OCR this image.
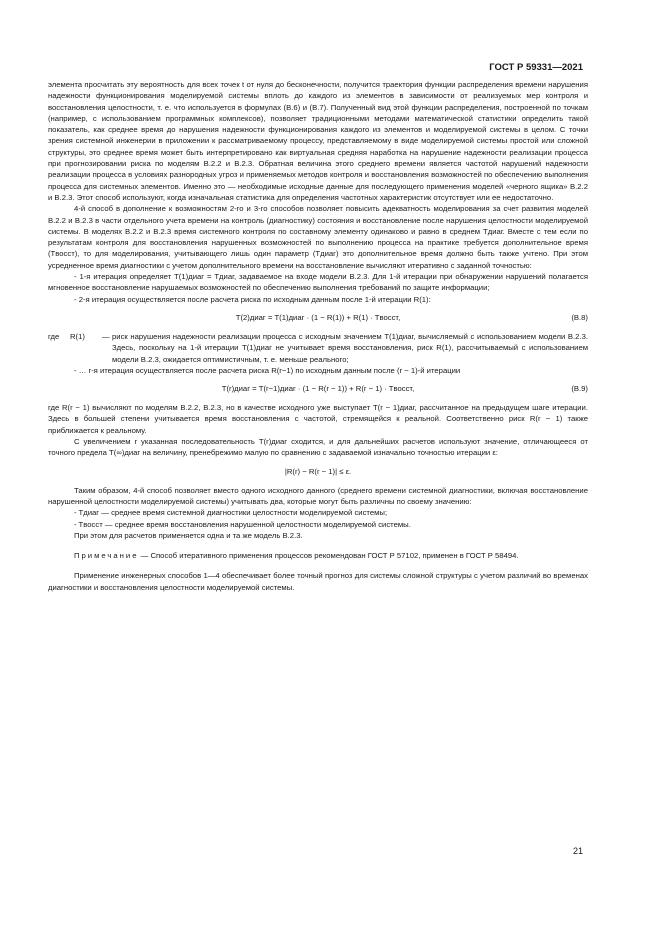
ГОСТ Р 59331—2021

элемента просчитать эту вероятность для всех точек t от нуля до бесконечности, получится траектория функции распределения времени нарушения надежности функционирования моделируемой системы вплоть до каждого из элементов в зависимости от реализуемых мер контроля и восстановления целостности, т. е. что используется в формулах (В.6) и (В.7). Полученный вид этой функции распределения, построенной по точкам (например, с использованием программных комплексов), позволяет традиционными методами математической статистики определить такой показатель, как среднее время до нарушения надежности функционирования каждого из элементов и моделируемой системы в целом. С точки зрения системной инженерии в приложении к рассматриваемому процессу, представляемому в виде моделируемой системы простой или сложной структуры, это среднее время может быть интерпретировано как виртуальная средняя наработка на нарушение надежности реализации процесса при прогнозировании риска по моделям В.2.2 и В.2.3. Обратная величина этого среднего времени является частотой нарушений надежности реализации процесса в условиях разнородных угроз и применяемых методов контроля и восстановления возможностей по обеспечению выполнения процесса для системных элементов. Именно это — необходимые исходные данные для последующего применения моделей «черного ящика» В.2.2 и В.2.3. Этот способ используют, когда изначальная статистика для определения частотных характеристик отсутствует или ее недостаточно.

4-й способ в дополнение к возможностям 2-го и 3-го способов позволяет повысить адекватность моделирования за счет развития моделей В.2.2 и В.2.3 в части отдельного учета времени на контроль (диагностику) состояния и восстановление после нарушения целостности моделируемой системы. В моделях В.2.2 и В.2.3 время системного контроля по составному элементу одинаково и равно в среднем Tдиаг. Вместе с тем если по результатам контроля для восстановления нарушенных возможностей по выполнению процесса на практике требуется дополнительное время (Tвосст), то для моделирования, учитывающего лишь один параметр (Tдиаг) это дополнительное время должно быть также учтено. При этом усредненное время диагностики с учетом дополнительного времени на восстановление вычисляют итеративно с заданной точностью:

- 1-я итерация определяет T(1)диаг = Tдиаг, задаваемое на входе модели В.2.3. Для 1-й итерации при обнаружении нарушений полагается мгновенное восстановление нарушаемых возможностей по обеспечению выполнения требований по защите информации;

- 2-я итерация осуществляется после расчета риска по исходным данным после 1-й итерации R(1):

T(2)диаг = T(1)диаг · (1 − R(1)) + R(1) · Tвосст,	(В.8)
где	R(1)	— риск нарушения надежности реализации процесса с исходным значением T(1)диаг, вычисляемый с использованием модели В.2.3. Здесь, поскольку на 1-й итерации T(1)диаг не учитывает время восстановления, риск R(1), рассчитываемый с использованием модели В.2.3, ожидается оптимистичным, т. е. меньше реального;

- … r-я итерация осуществляется после расчета риска R(r−1) по исходным данным после (r − 1)-й итерации

T(r)диаг = T(r−1)диаг · (1 − R(r − 1)) + R(r − 1) · Tвосст,	(В.9)

где R(r − 1) вычисляют по моделям В.2.2, В.2.3, но в качестве исходного уже выступает T(r − 1)диаг, рассчитанное на предыдущем шаге итерации. Здесь в большей степени учитывается время восстановления с частотой, стремящейся к реальной. Соответственно риск R(r − 1) также приближается к реальному.

С увеличением r указанная последовательность T(r)диаг сходится, и для дальнейших расчетов используют значение, отличающееся от точного предела T(∞)диаг на величину, пренебрежимо малую по сравнению с задаваемой изначально точностью итерации ε:

|R(r) − R(r − 1)| ≤ ε.

Таким образом, 4-й способ позволяет вместо одного исходного данного (среднего времени системной диагностики, включая восстановление нарушенной целостности моделируемой системы) учитывать два, которые могут быть различны по своему значению:

- Tдиаг — среднее время системной диагностики целостности моделируемой системы;

- Tвосст — среднее время восстановления нарушенной целостности моделируемой системы.

При этом для расчетов применяется одна и та же модель В.2.3.

Примечание — Способ итеративного применения процессов рекомендован ГОСТ Р 57102, применен в ГОСТ Р 58494.

Применение инженерных способов 1—4 обеспечивает более точный прогноз для системы сложной структуры с учетом различий во временах диагностики и восстановления целостности моделируемой системы.

21
